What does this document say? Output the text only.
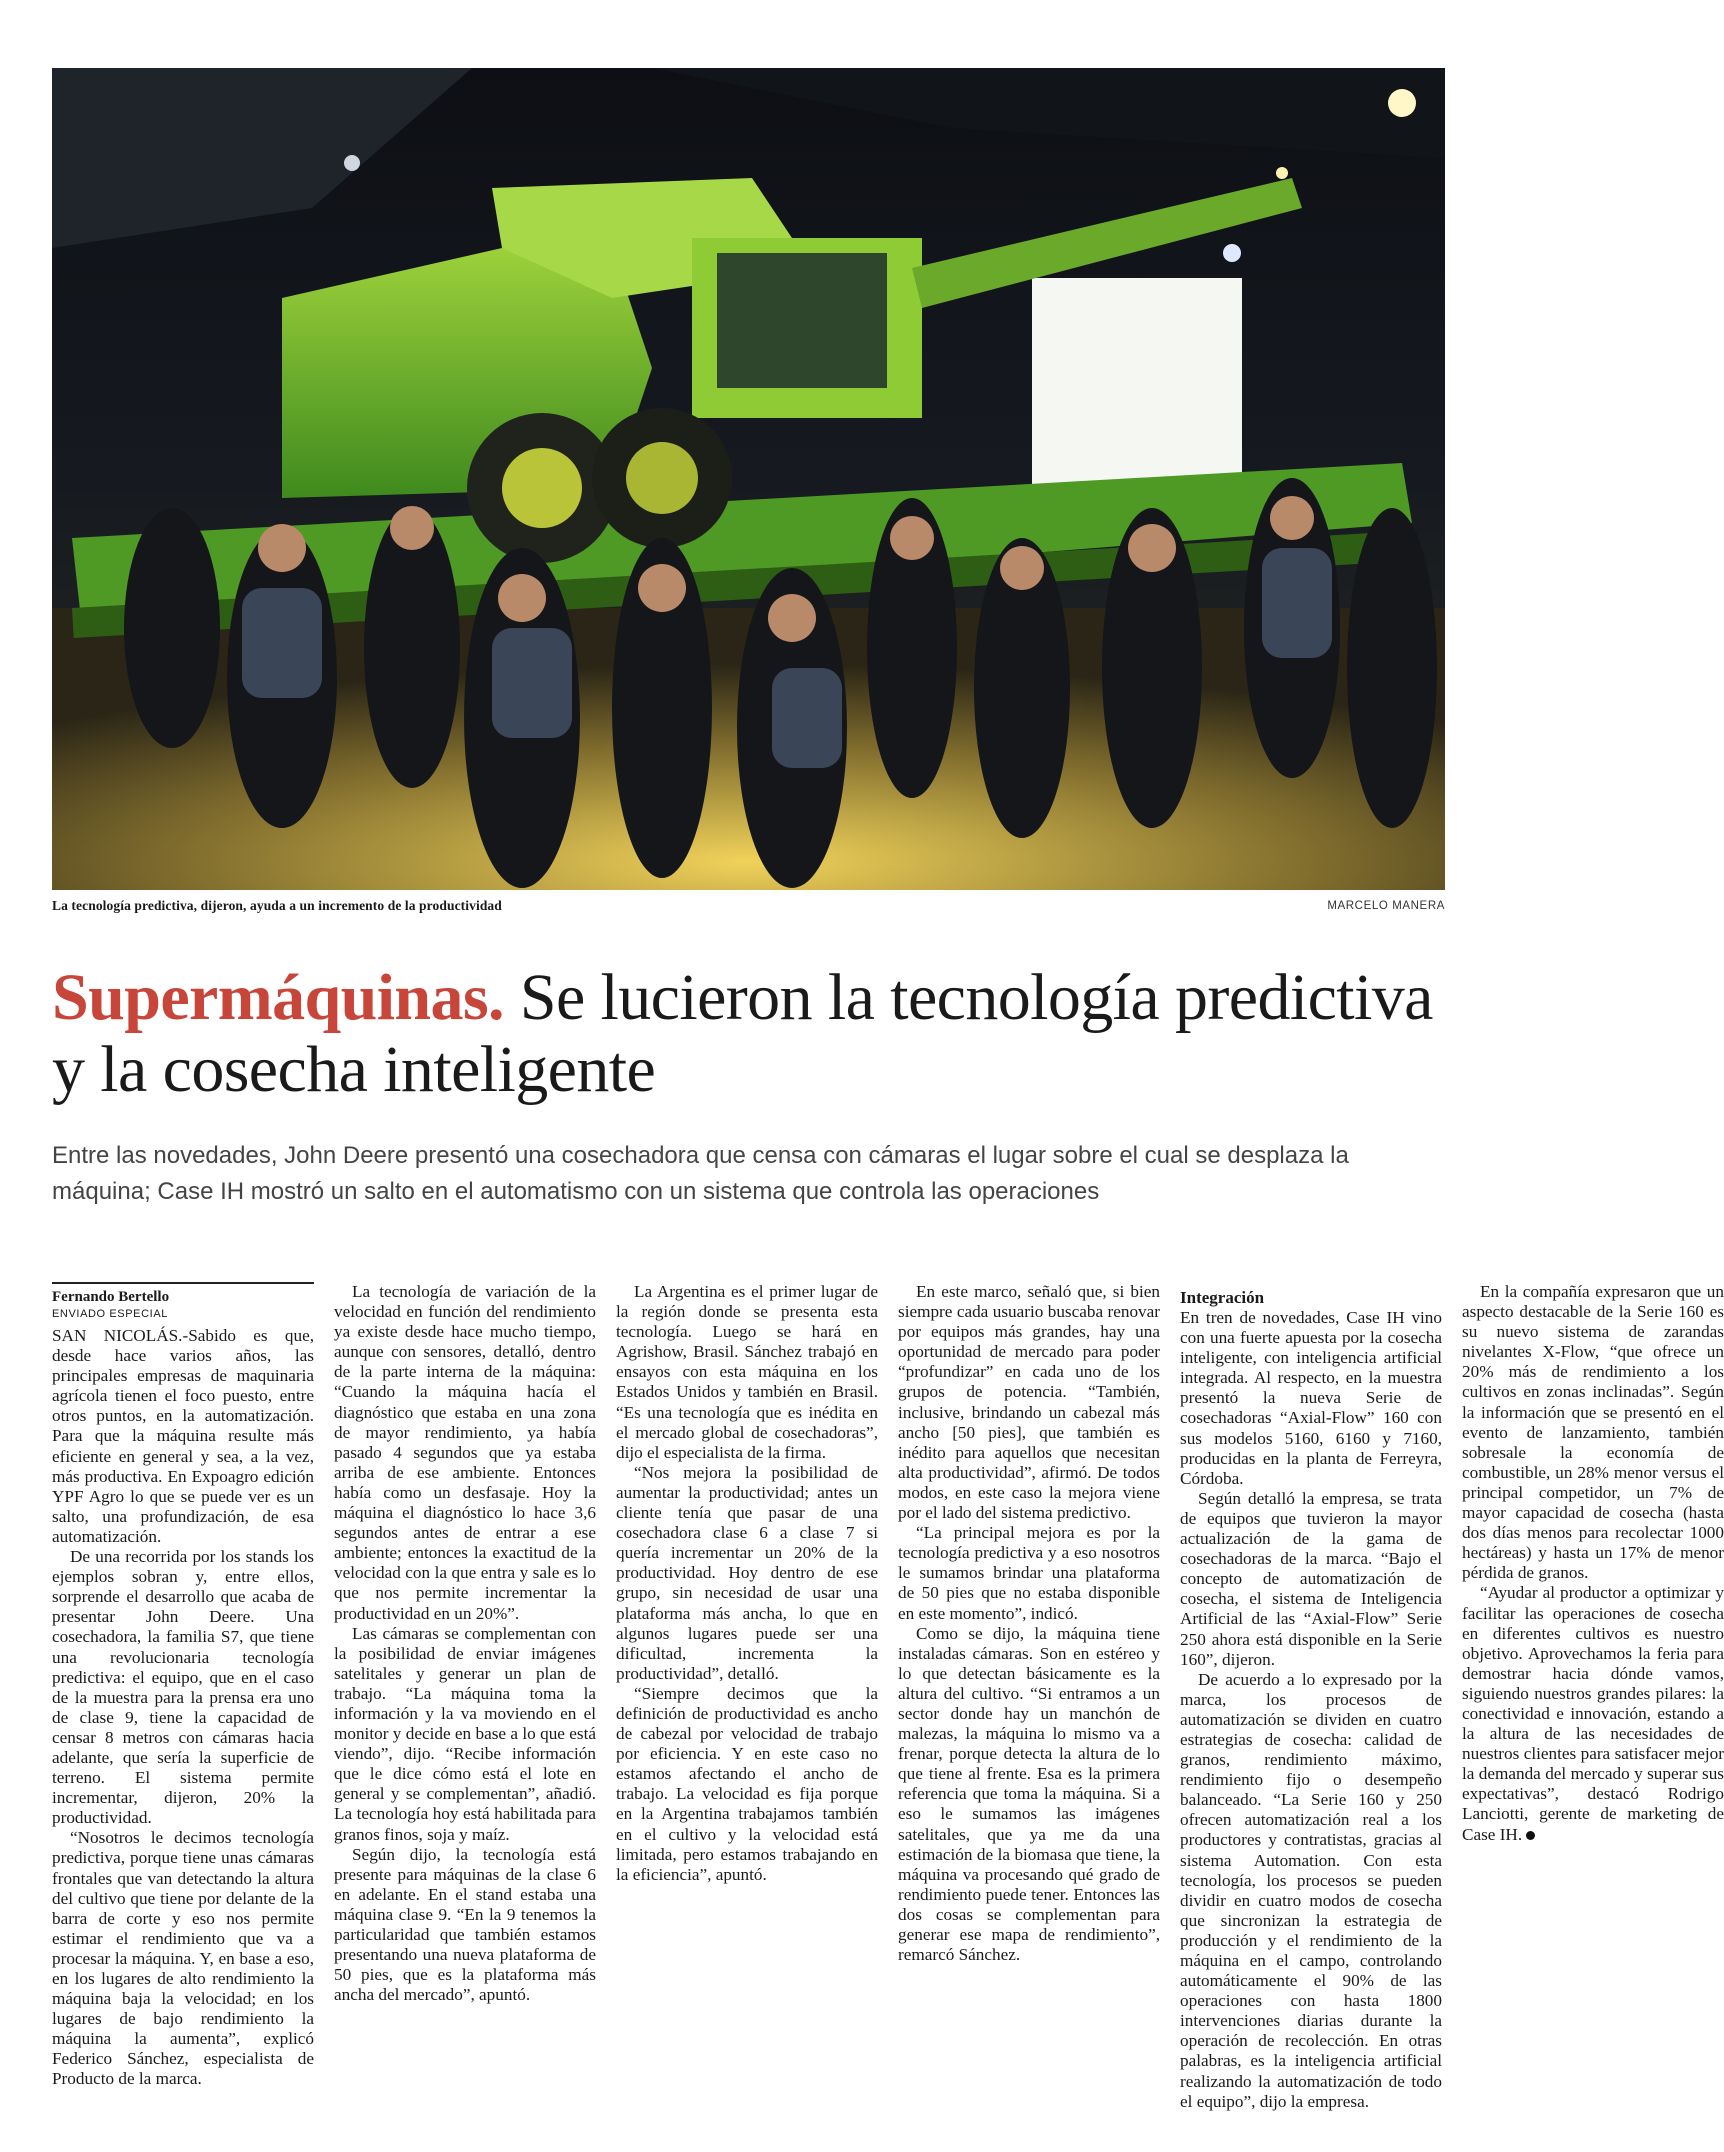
La tecnología predictiva, dijeron, ayuda a un incremento de la productividad	MARCELO MANERA
Supermáquinas. Se lucieron la tecnología predictiva y la cosecha inteligente

Entre las novedades, John Deere presentó una cosechadora que censa con cámaras el lugar sobre el cual se desplaza la máquina; Case IH mostró un salto en el automatismo con un sistema que controla las operaciones

Fernando Bertello
ENVIADO ESPECIAL

SAN NICOLÁS.-Sabido es que, desde hace varios años, las principales empresas de maquinaria agrícola tienen el foco puesto, entre otros puntos, en la automatización. Para que la máquina resulte más eficiente en general y sea, a la vez, más productiva. En Expoagro edición YPF Agro lo que se puede ver es un salto, una profundización, de esa automatización.

De una recorrida por los stands los ejemplos sobran y, entre ellos, sorprende el desarrollo que acaba de presentar John Deere. Una cosechadora, la familia S7, que tiene una revolucionaria tecnología predictiva: el equipo, que en el caso de la muestra para la prensa era uno de clase 9, tiene la capacidad de censar 8 metros con cámaras hacia adelante, que sería la superficie de terreno. El sistema permite incrementar, dijeron, 20% la productividad.

“Nosotros le decimos tecnología predictiva, porque tiene unas cámaras frontales que van detectando la altura del cultivo que tiene por delante de la barra de corte y eso nos permite estimar el rendimiento que va a procesar la máquina. Y, en base a eso, en los lugares de alto rendimiento la máquina baja la velocidad; en los lugares de bajo rendimiento la máquina la aumenta”, explicó Federico Sánchez, especialista de Producto de la marca.

La tecnología de variación de la velocidad en función del rendimiento ya existe desde hace mucho tiempo, aunque con sensores, detalló, dentro de la parte interna de la máquina: “Cuando la máquina hacía el diagnóstico que estaba en una zona de mayor rendimiento, ya había pasado 4 segundos que ya estaba arriba de ese ambiente. Entonces había como un desfasaje. Hoy la máquina el diagnóstico lo hace 3,6 segundos antes de entrar a ese ambiente; entonces la exactitud de la velocidad con la que entra y sale es lo que nos permite incrementar la productividad en un 20%”.

Las cámaras se complementan con la posibilidad de enviar imágenes satelitales y generar un plan de trabajo. “La máquina toma la información y la va moviendo en el monitor y decide en base a lo que está viendo”, dijo. “Recibe información que le dice cómo está el lote en general y se complementan”, añadió. La tecnología hoy está habilitada para granos finos, soja y maíz.

Según dijo, la tecnología está presente para máquinas de la clase 6 en adelante. En el stand estaba una máquina clase 9. “En la 9 tenemos la particularidad que también estamos presentando una nueva plataforma de 50 pies, que es la plataforma más ancha del mercado”, apuntó.

La Argentina es el primer lugar de la región donde se presenta esta tecnología. Luego se hará en Agrishow, Brasil. Sánchez trabajó en ensayos con esta máquina en los Estados Unidos y también en Brasil. “Es una tecnología que es inédita en el mercado global de cosechadoras”, dijo el especialista de la firma.

“Nos mejora la posibilidad de aumentar la productividad; antes un cliente tenía que pasar de una cosechadora clase 6 a clase 7 si quería incrementar un 20% de la productividad. Hoy dentro de ese grupo, sin necesidad de usar una plataforma más ancha, lo que en algunos lugares puede ser una dificultad, incrementa la productividad”, detalló.

“Siempre decimos que la definición de productividad es ancho de cabezal por velocidad de trabajo por eficiencia. Y en este caso no estamos afectando el ancho de trabajo. La velocidad es fija porque en la Argentina trabajamos también en el cultivo y la velocidad está limitada, pero estamos trabajando en la eficiencia”, apuntó.

En este marco, señaló que, si bien siempre cada usuario buscaba renovar por equipos más grandes, hay una oportunidad de mercado para poder “profundizar” en cada uno de los grupos de potencia. “También, inclusive, brindando un cabezal más ancho [50 pies], que también es inédito para aquellos que necesitan alta productividad”, afirmó. De todos modos, en este caso la mejora viene por el lado del sistema predictivo.

“La principal mejora es por la tecnología predictiva y a eso nosotros le sumamos brindar una plataforma de 50 pies que no estaba disponible en este momento”, indicó.

Como se dijo, la máquina tiene instaladas cámaras. Son en estéreo y lo que detectan básicamente es la altura del cultivo. “Si entramos a un sector donde hay un manchón de malezas, la máquina lo mismo va a frenar, porque detecta la altura de lo que tiene al frente. Esa es la primera referencia que toma la máquina. Si a eso le sumamos las imágenes satelitales, que ya me da una estimación de la biomasa que tiene, la máquina va procesando qué grado de rendimiento puede tener. Entonces las dos cosas se complementan para generar ese mapa de rendimiento”, remarcó Sánchez.

Integración

En tren de novedades, Case IH vino con una fuerte apuesta por la cosecha inteligente, con inteligencia artificial integrada. Al respecto, en la muestra presentó la nueva Serie de cosechadoras “Axial-Flow” 160 con sus modelos 5160, 6160 y 7160, producidas en la planta de Ferreyra, Córdoba.

Según detalló la empresa, se trata de equipos que tuvieron la mayor actualización de la gama de cosechadoras de la marca. “Bajo el concepto de automatización de cosecha, el sistema de Inteligencia Artificial de las “Axial-Flow” Serie 250 ahora está disponible en la Serie 160”, dijeron.

De acuerdo a lo expresado por la marca, los procesos de automatización se dividen en cuatro estrategias de cosecha: calidad de granos, rendimiento máximo, rendimiento fijo o desempeño balanceado. “La Serie 160 y 250 ofrecen automatización real a los productores y contratistas, gracias al sistema Automation. Con esta tecnología, los procesos se pueden dividir en cuatro modos de cosecha que sincronizan la estrategia de producción y el rendimiento de la máquina en el campo, controlando automáticamente el 90% de las operaciones con hasta 1800 intervenciones diarias durante la operación de recolección. En otras palabras, es la inteligencia artificial realizando la automatización de todo el equipo”, dijo la empresa.

En la compañía expresaron que un aspecto destacable de la Serie 160 es su nuevo sistema de zarandas nivelantes X-Flow, “que ofrece un 20% más de rendimiento a los cultivos en zonas inclinadas”. Según la información que se presentó en el evento de lanzamiento, también sobresale la economía de combustible, un 28% menor versus el principal competidor, un 7% de mayor capacidad de cosecha (hasta dos días menos para recolectar 1000 hectáreas) y hasta un 17% de menor pérdida de granos.

“Ayudar al productor a optimizar y facilitar las operaciones de cosecha en diferentes cultivos es nuestro objetivo. Aprovechamos la feria para demostrar hacia dónde vamos, siguiendo nuestros grandes pilares: la conectividad e innovación, estando a la altura de las necesidades de nuestros clientes para satisfacer mejor la demanda del mercado y superar sus expectativas”, destacó Rodrigo Lanciotti, gerente de marketing de Case IH.
